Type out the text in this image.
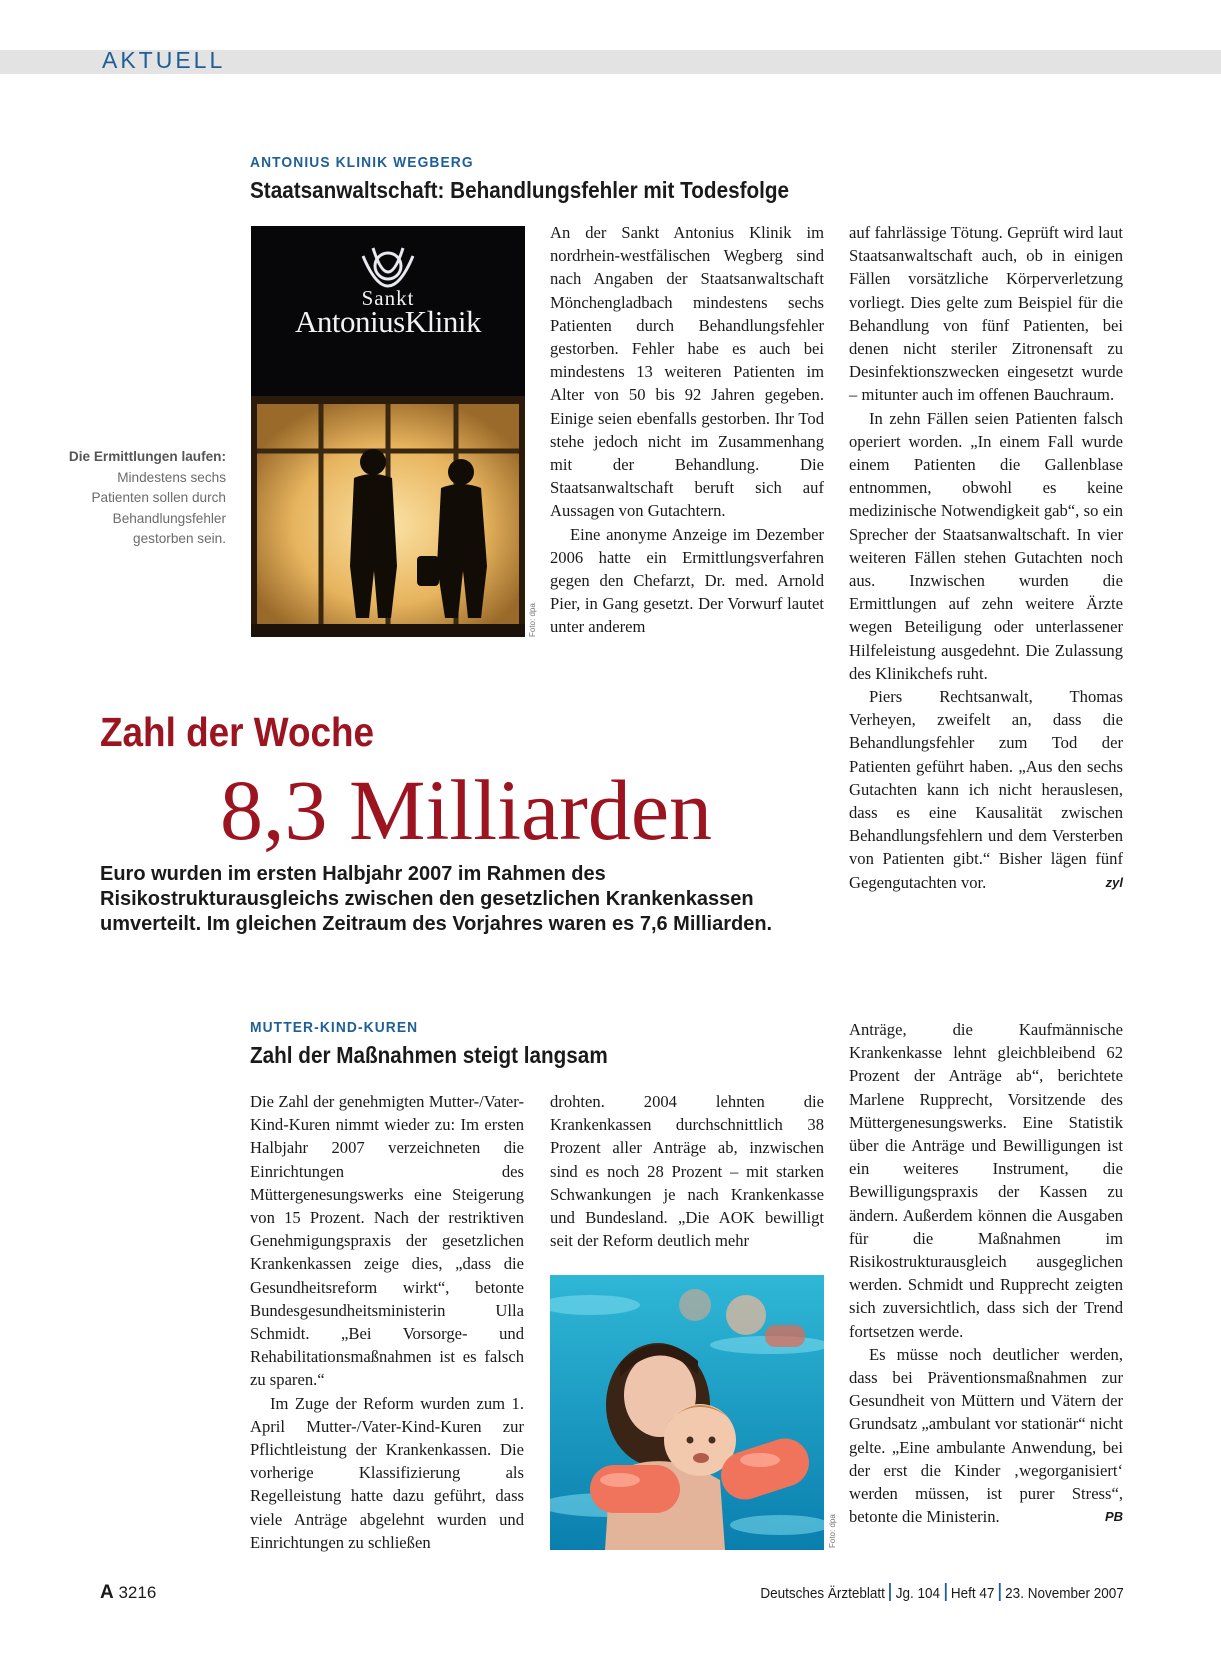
AKTUELL
ANTONIUS KLINIK WEGBERG
Staatsanwaltschaft: Behandlungsfehler mit Todesfolge
Die Ermittlungen laufen: Mindestens sechs Patienten sollen durch Behandlungsfehler gestorben sein.
Sankt
AntoniusKlinik
Foto: dpa

An der Sankt Antonius Klinik im nordrhein-westfälischen Wegberg sind nach Angaben der Staatsanwaltschaft Mönchengladbach mindestens sechs Patienten durch Behandlungsfehler gestorben. Fehler habe es auch bei mindestens 13 weiteren Patienten im Alter von 50 bis 92 Jahren gegeben. Einige seien ebenfalls gestorben. Ihr Tod stehe jedoch nicht im Zusammenhang mit der Behandlung. Die Staatsanwaltschaft beruft sich auf Aussagen von Gutachtern.

Eine anonyme Anzeige im Dezember 2006 hatte ein Ermittlungsverfahren gegen den Chefarzt, Dr. med. Arnold Pier, in Gang gesetzt. Der Vorwurf lautet unter anderem

auf fahrlässige Tötung. Geprüft wird laut Staatsanwaltschaft auch, ob in einigen Fällen vorsätzliche Körperverletzung vorliegt. Dies gelte zum Beispiel für die Behandlung von fünf Patienten, bei denen nicht steriler Zitronensaft zu Desinfektionszwecken eingesetzt wurde – mitunter auch im offenen Bauchraum.

In zehn Fällen seien Patienten falsch operiert worden. „In einem Fall wurde einem Patienten die Gallenblase entnommen, obwohl es keine medizinische Notwendigkeit gab“, so ein Sprecher der Staatsanwaltschaft. In vier weiteren Fällen stehen Gutachten noch aus. Inzwischen wurden die Ermittlungen auf zehn weitere Ärzte wegen Beteiligung oder unterlassener Hilfeleistung ausgedehnt. Die Zulassung des Klinikchefs ruht.

Piers Rechtsanwalt, Thomas Verheyen, zweifelt an, dass die Behandlungsfehler zum Tod der Patienten geführt haben. „Aus den sechs Gutachten kann ich nicht herauslesen, dass es eine Kausalität zwischen Behandlungsfehlern und dem Versterben von Patienten gibt.“ Bisher lägen fünf Gegengutachten vor.	zyl

Zahl der Woche
8,3 Milliarden
Euro wurden im ersten Halbjahr 2007 im Rahmen des Risikostrukturausgleichs zwischen den gesetzlichen Krankenkassen umverteilt. Im gleichen Zeitraum des Vorjahres waren es 7,6 Milliarden.
MUTTER-KIND-KUREN
Zahl der Maßnahmen steigt langsam

Die Zahl der genehmigten Mutter-/Vater-Kind-Kuren nimmt wieder zu: Im ersten Halbjahr 2007 verzeichneten die Einrichtungen des Müttergenesungswerks eine Steigerung von 15 Prozent. Nach der restriktiven Genehmigungspraxis der gesetzlichen Krankenkassen zeige dies, „dass die Gesundheitsreform wirkt“, betonte Bundesgesundheitsministerin Ulla Schmidt. „Bei Vorsorge- und Rehabilitationsmaßnahmen ist es falsch zu sparen.“

Im Zuge der Reform wurden zum 1. April Mutter-/Vater-Kind-Kuren zur Pflichtleistung der Krankenkassen. Die vorherige Klassifizierung als Regelleistung hatte dazu geführt, dass viele Anträge abgelehnt wurden und Einrichtungen zu schließen

drohten. 2004 lehnten die Krankenkassen durchschnittlich 38 Prozent aller Anträge ab, inzwischen sind es noch 28 Prozent – mit starken Schwankungen je nach Krankenkasse und Bundesland. „Die AOK bewilligt seit der Reform deutlich mehr

Foto: dpa

Anträge, die Kaufmännische Krankenkasse lehnt gleichbleibend 62 Prozent der Anträge ab“, berichtete Marlene Rupprecht, Vorsitzende des Müttergenesungswerks. Eine Statistik über die Anträge und Bewilligungen ist ein weiteres Instrument, die Bewilligungspraxis der Kassen zu ändern. Außerdem können die Ausgaben für die Maßnahmen im Risikostrukturausgleich ausgeglichen werden. Schmidt und Rupprecht zeigten sich zuversichtlich, dass sich der Trend fortsetzen werde.

Es müsse noch deutlicher werden, dass bei Präventionsmaßnahmen zur Gesundheit von Müttern und Vätern der Grundsatz „ambulant vor stationär“ nicht gelte. „Eine ambulante Anwendung, bei der erst die Kinder ‚wegorganisiert‘ werden müssen, ist purer Stress“, betonte die Ministerin.	PB

A 3216	Deutsches Ärzteblatt Jg. 104 Heft 47 23. November 2007
